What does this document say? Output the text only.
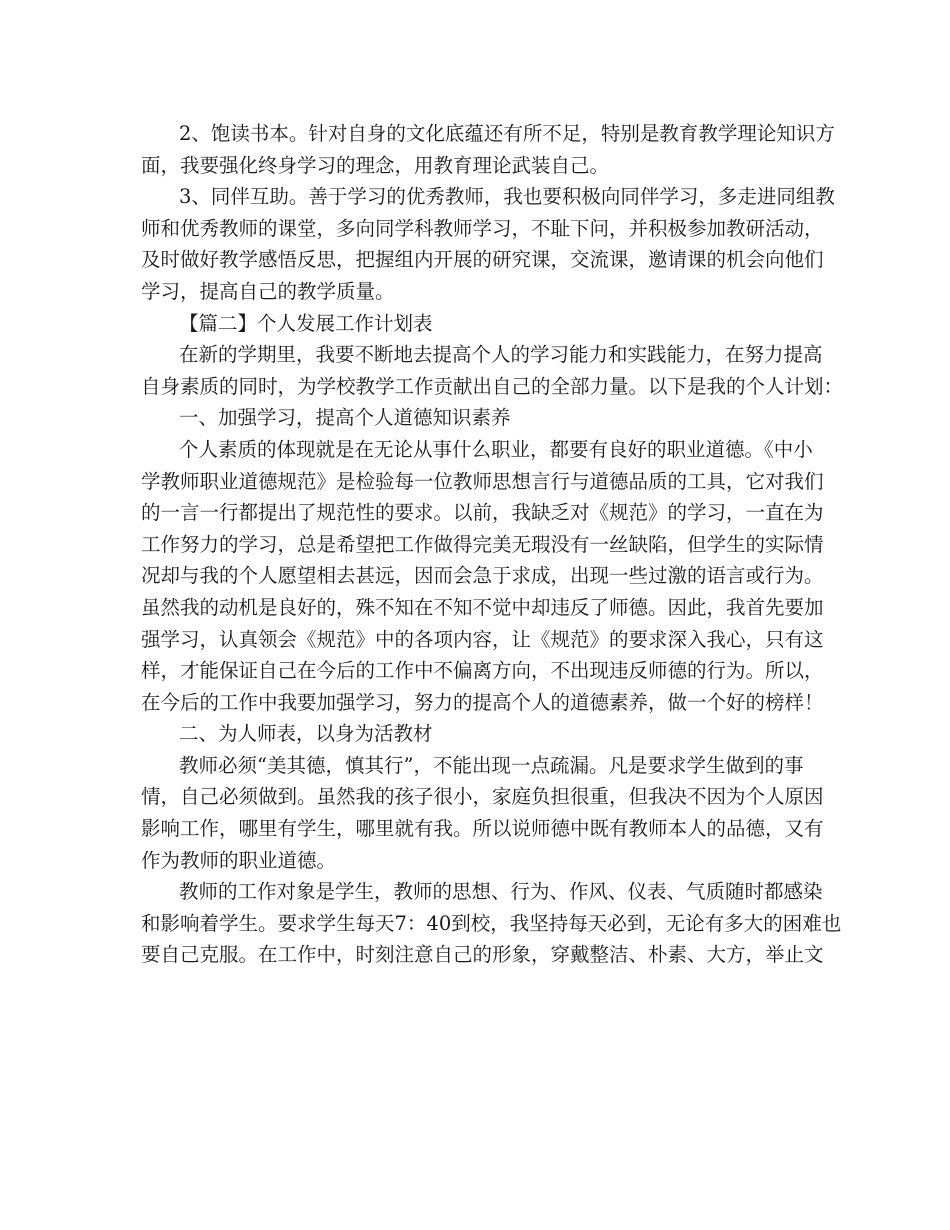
2、饱读书本。针对自身的文化底蕴还有所不足，特别是教育教学理论知识方
面，我要强化终身学习的理念，用教育理论武装自己。
3、同伴互助。善于学习的优秀教师，我也要积极向同伴学习，多走进同组教
师和优秀教师的课堂，多向同学科教师学习，不耻下问，并积极参加教研活动，
及时做好教学感悟反思，把握组内开展的研究课，交流课，邀请课的机会向他们
学习，提高自己的教学质量。
【篇二】个人发展工作计划表
在新的学期里，我要不断地去提高个人的学习能力和实践能力，在努力提高
自身素质的同时，为学校教学工作贡献出自己的全部力量。以下是我的个人计划：
一、加强学习，提高个人道德知识素养
个人素质的体现就是在无论从事什么职业，都要有良好的职业道德。《中小
学教师职业道德规范》是检验每一位教师思想言行与道德品质的工具，它对我们
的一言一行都提出了规范性的要求。以前，我缺乏对《规范》的学习，一直在为
工作努力的学习，总是希望把工作做得完美无瑕没有一丝缺陷，但学生的实际情
况却与我的个人愿望相去甚远，因而会急于求成，出现一些过激的语言或行为。
虽然我的动机是良好的，殊不知在不知不觉中却违反了师德。因此，我首先要加
强学习，认真领会《规范》中的各项内容，让《规范》的要求深入我心，只有这
样，才能保证自己在今后的工作中不偏离方向，不出现违反师德的行为。所以，
在今后的工作中我要加强学习，努力的提高个人的道德素养，做一个好的榜样！
二、为人师表，以身为活教材
教师必须“美其德，慎其行”，不能出现一点疏漏。凡是要求学生做到的事
情，自己必须做到。虽然我的孩子很小，家庭负担很重，但我决不因为个人原因
影响工作，哪里有学生，哪里就有我。所以说师德中既有教师本人的品德，又有
作为教师的职业道德。
教师的工作对象是学生，教师的思想、行为、作风、仪表、气质随时都感染
和影响着学生。要求学生每天7：40到校，我坚持每天必到，无论有多大的困难也
要自己克服。在工作中，时刻注意自己的形象，穿戴整洁、朴素、大方，举止文
